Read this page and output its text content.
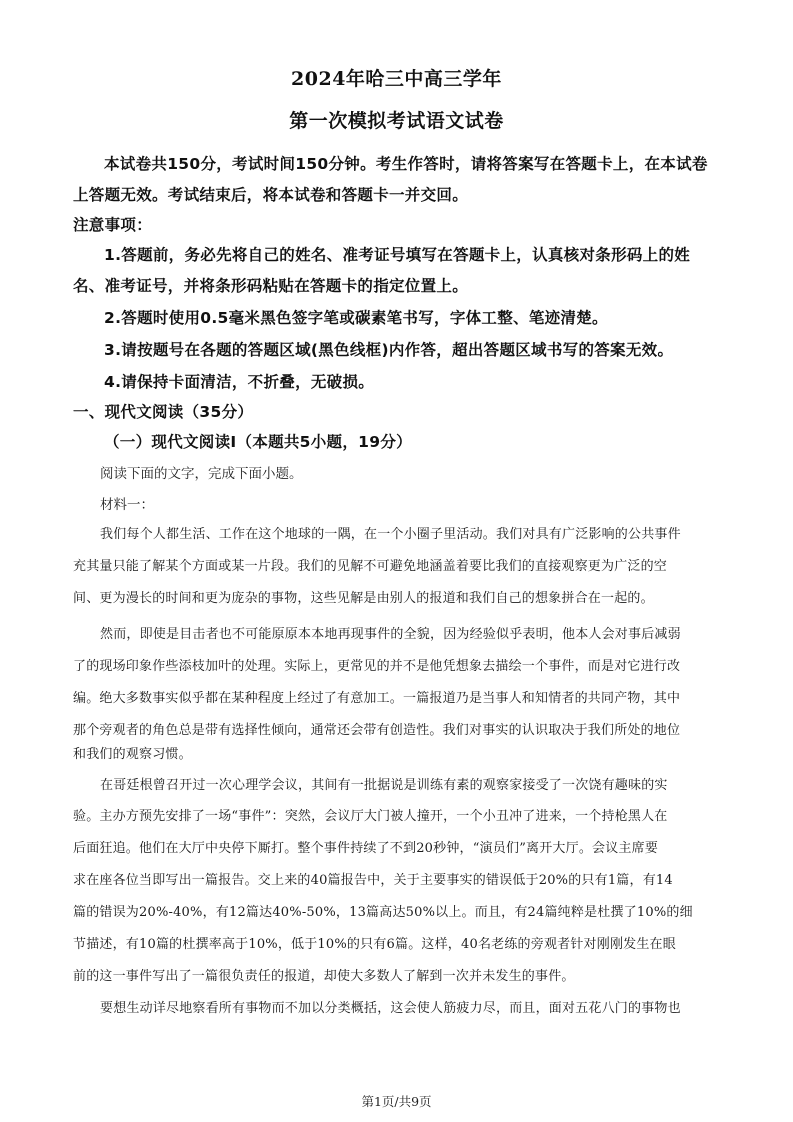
2024年哈三中高三学年
第一次模拟考试语文试卷
本试卷共150分，考试时间150分钟。考生作答时，请将答案写在答题卡上，在本试卷
上答题无效。考试结束后，将本试卷和答题卡一并交回。
注意事项：
1.答题前，务必先将自己的姓名、准考证号填写在答题卡上，认真核对条形码上的姓
名、准考证号，并将条形码粘贴在答题卡的指定位置上。
2.答题时使用0.5毫米黑色签字笔或碳素笔书写，字体工整、笔迹清楚。
3.请按题号在各题的答题区域(黑色线框)内作答，超出答题区域书写的答案无效。
4.请保持卡面清洁，不折叠，无破损。
一、现代文阅读（35分）
（一）现代文阅读Ⅰ（本题共5小题，19分）
阅读下面的文字，完成下面小题。
材料一：
我们每个人都生活、工作在这个地球的一隅，在一个小圈子里活动。我们对具有广泛影响的公共事件
充其量只能了解某个方面或某一片段。我们的见解不可避免地涵盖着要比我们的直接观察更为广泛的空
间、更为漫长的时间和更为庞杂的事物，这些见解是由别人的报道和我们自己的想象拼合在一起的。
然而，即使是目击者也不可能原原本本地再现事件的全貌，因为经验似乎表明，他本人会对事后减弱
了的现场印象作些添枝加叶的处理。实际上，更常见的并不是他凭想象去描绘一个事件，而是对它进行改
编。绝大多数事实似乎都在某种程度上经过了有意加工。一篇报道乃是当事人和知情者的共同产物，其中
那个旁观者的角色总是带有选择性倾向，通常还会带有创造性。我们对事实的认识取决于我们所处的地位
和我们的观察习惯。
在哥廷根曾召开过一次心理学会议，其间有一批据说是训练有素的观察家接受了一次饶有趣味的实
验。主办方预先安排了一场“事件”：突然，会议厅大门被人撞开，一个小丑冲了进来，一个持枪黑人在
后面狂追。他们在大厅中央停下厮打。整个事件持续了不到20秒钟，“演员们”离开大厅。会议主席要
求在座各位当即写出一篇报告。交上来的40篇报告中，关于主要事实的错误低于20%的只有1篇，有14
篇的错误为20%-40%，有12篇达40%-50%，13篇高达50%以上。而且，有24篇纯粹是杜撰了10%的细
节描述，有10篇的杜撰率高于10%，低于10%的只有6篇。这样，40名老练的旁观者针对刚刚发生在眼
前的这一事件写出了一篇很负责任的报道，却使大多数人了解到一次并未发生的事件。
要想生动详尽地察看所有事物而不加以分类概括，这会使人筋疲力尽，而且，面对五花八门的事物也
第1页/共9页
